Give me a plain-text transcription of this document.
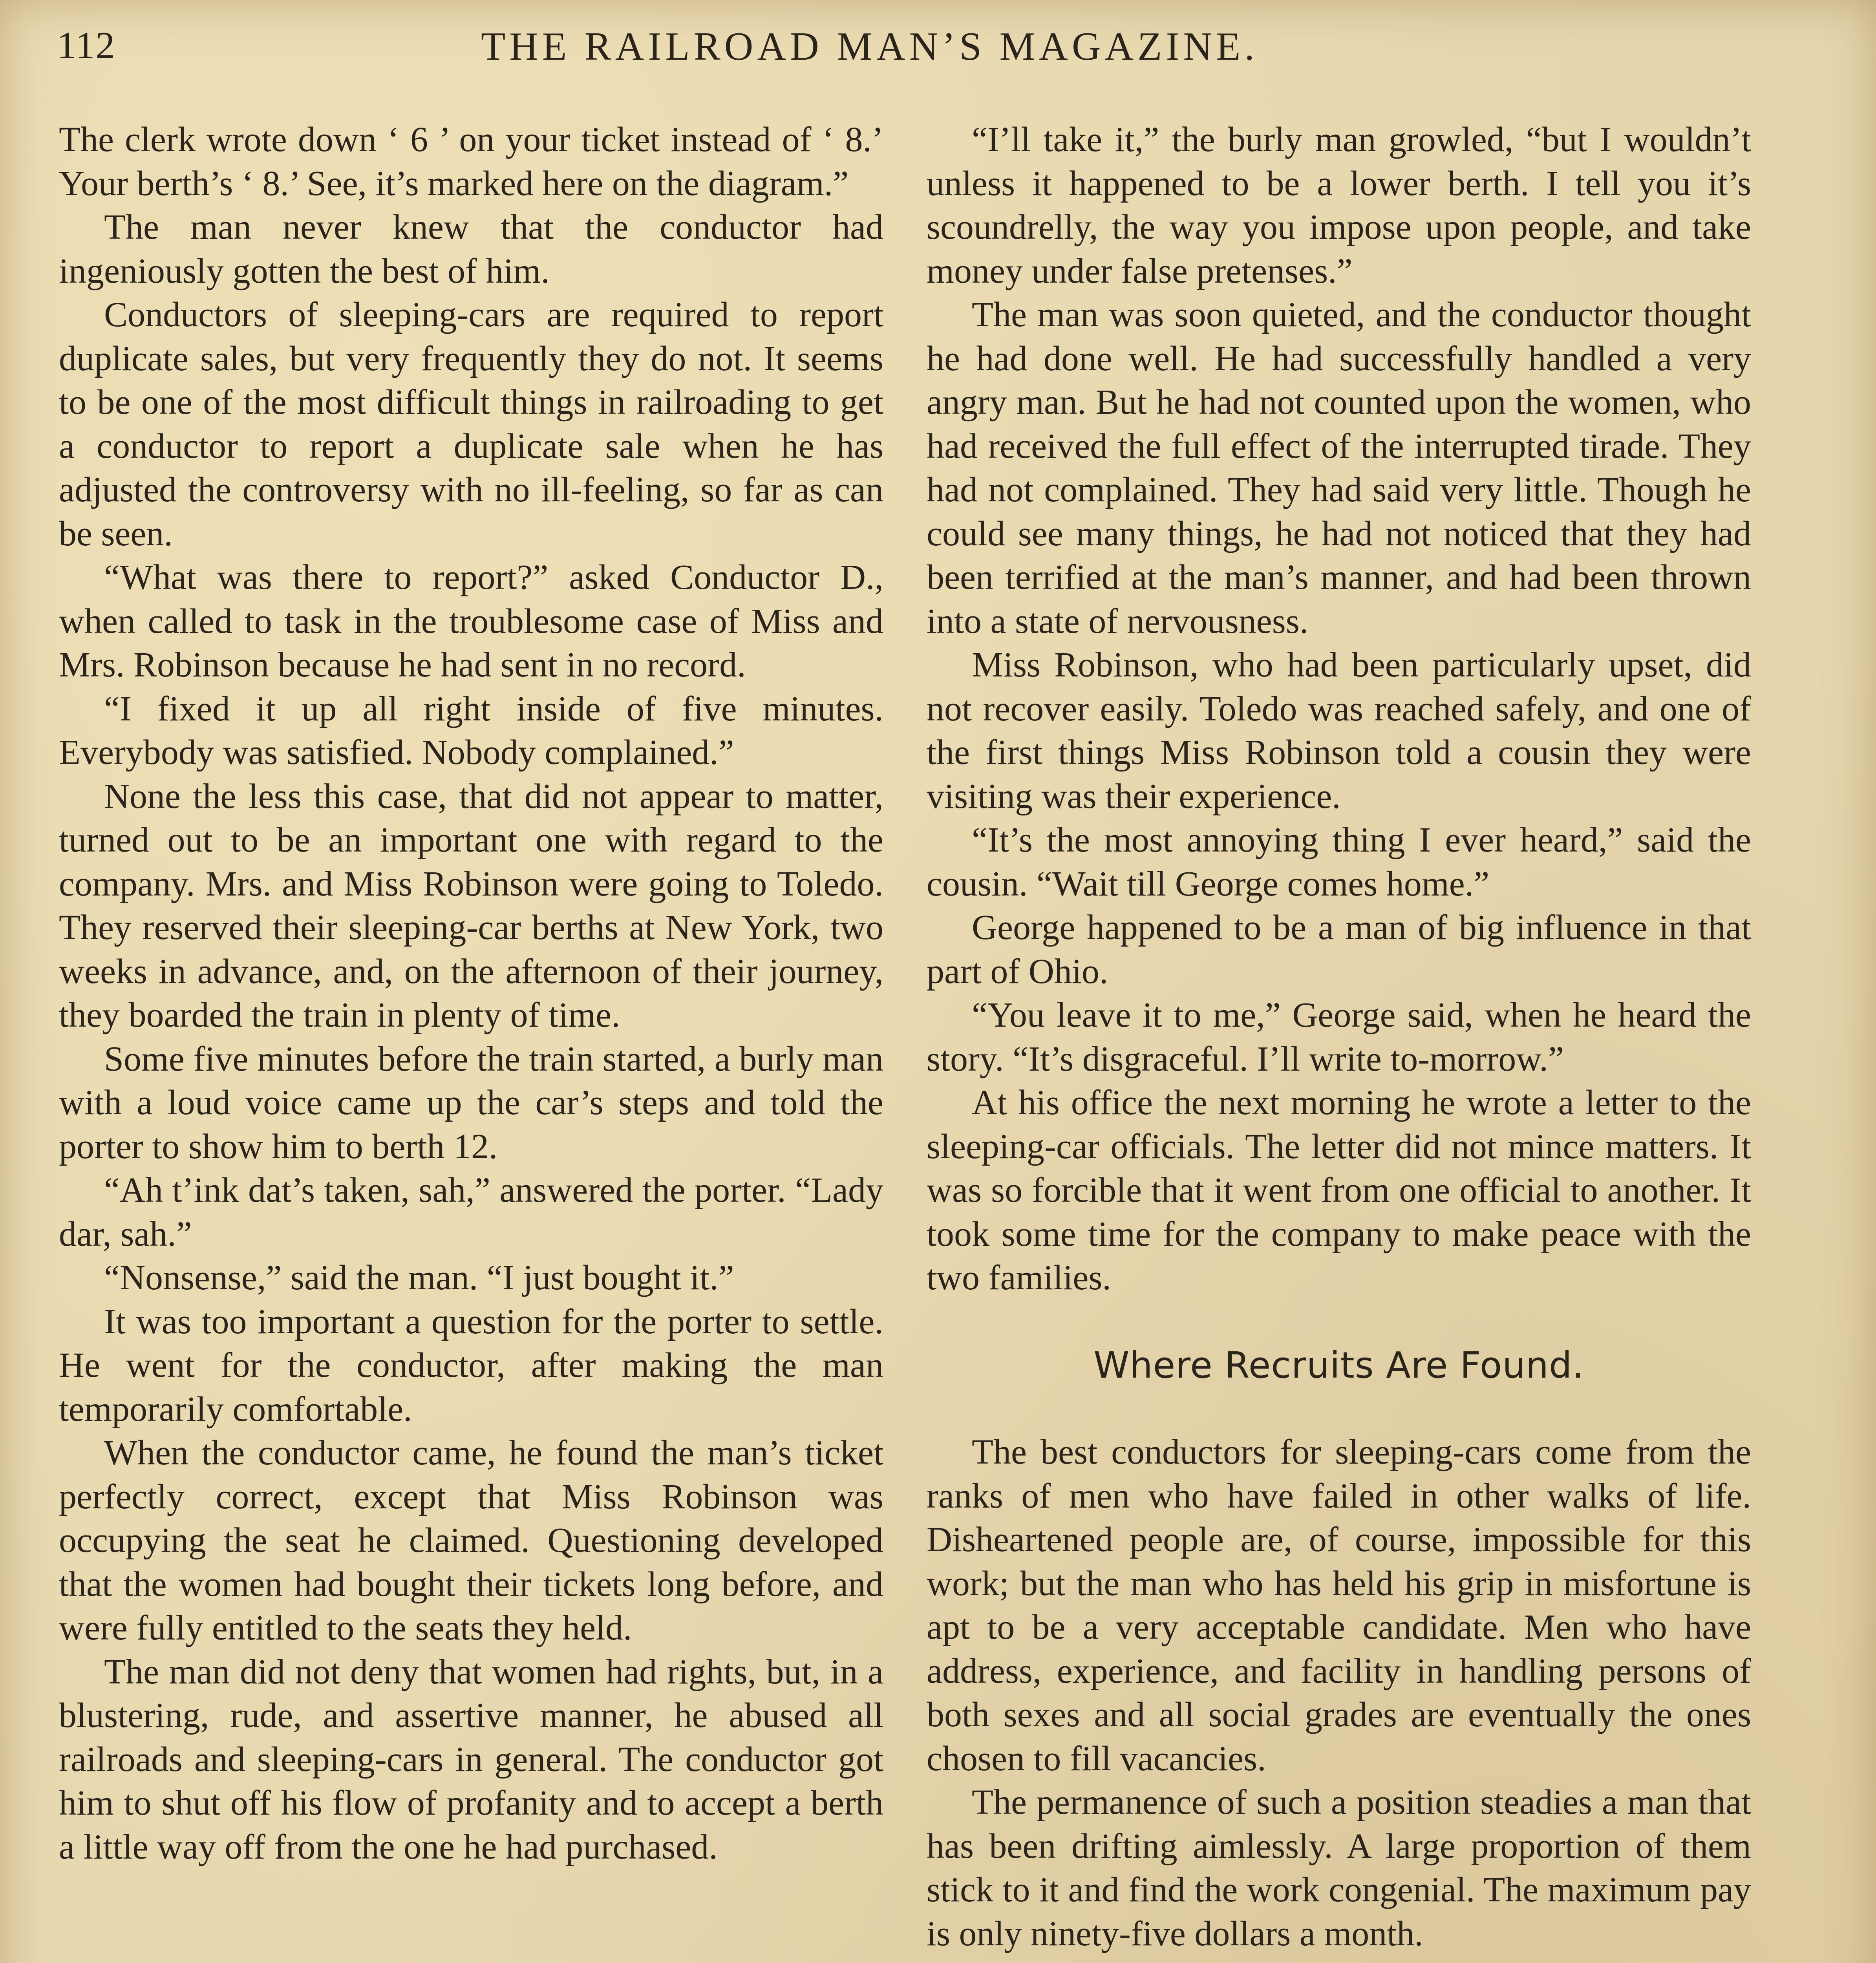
112	THE RAILROAD MAN’S MAGAZINE.

The clerk wrote down ‘ 6 ’ on your ticket instead of ‘ 8.’ Your berth’s ‘ 8.’ See, it’s marked here on the diagram.”

The man never knew that the conductor had ingeniously gotten the best of him.

Conductors of sleeping-cars are required to report duplicate sales, but very frequently they do not. It seems to be one of the most difficult things in railroading to get a conductor to report a duplicate sale when he has adjusted the controversy with no ill-feeling, so far as can be seen.

“What was there to report?” asked Conductor D., when called to task in the troublesome case of Miss and Mrs. Robinson because he had sent in no record.

“I fixed it up all right inside of five minutes. Everybody was satisfied. Nobody complained.”

None the less this case, that did not appear to matter, turned out to be an important one with regard to the company. Mrs. and Miss Robinson were going to Toledo. They reserved their sleeping-car berths at New York, two weeks in advance, and, on the afternoon of their journey, they boarded the train in plenty of time.

Some five minutes before the train started, a burly man with a loud voice came up the car’s steps and told the porter to show him to berth 12.

“Ah t’ink dat’s taken, sah,” answered the porter. “Lady dar, sah.”

“Nonsense,” said the man. “I just bought it.”

It was too important a question for the porter to settle. He went for the conductor, after making the man temporarily comfortable.

When the conductor came, he found the man’s ticket perfectly correct, except that Miss Robinson was occupying the seat he claimed. Questioning developed that the women had bought their tickets long before, and were fully entitled to the seats they held.

The man did not deny that women had rights, but, in a blustering, rude, and assertive manner, he abused all railroads and sleeping-cars in general. The conductor got him to shut off his flow of profanity and to accept a berth a little way off from the one he had purchased.

“I’ll take it,” the burly man growled, “but I wouldn’t unless it happened to be a lower berth. I tell you it’s scoundrelly, the way you impose upon people, and take money under false pretenses.”

The man was soon quieted, and the conductor thought he had done well. He had successfully handled a very angry man. But he had not counted upon the women, who had received the full effect of the interrupted tirade. They had not complained. They had said very little. Though he could see many things, he had not noticed that they had been terrified at the man’s manner, and had been thrown into a state of nervousness.

Miss Robinson, who had been particularly upset, did not recover easily. Toledo was reached safely, and one of the first things Miss Robinson told a cousin they were visiting was their experience.

“It’s the most annoying thing I ever heard,” said the cousin. “Wait till George comes home.”

George happened to be a man of big influence in that part of Ohio.

“You leave it to me,” George said, when he heard the story. “It’s disgraceful. I’ll write to-morrow.”

At his office the next morning he wrote a letter to the sleeping-car officials. The letter did not mince matters. It was so forcible that it went from one official to another. It took some time for the company to make peace with the two families.

Where Recruits Are Found.

The best conductors for sleeping-cars come from the ranks of men who have failed in other walks of life. Disheartened people are, of course, impossible for this work; but the man who has held his grip in misfortune is apt to be a very acceptable candidate. Men who have address, experience, and facility in handling persons of both sexes and all social grades are eventually the ones chosen to fill vacancies.

The permanence of such a position steadies a man that has been drifting aimlessly. A large proportion of them stick to it and find the work congenial. The maximum pay is only ninety-five dollars a month.
